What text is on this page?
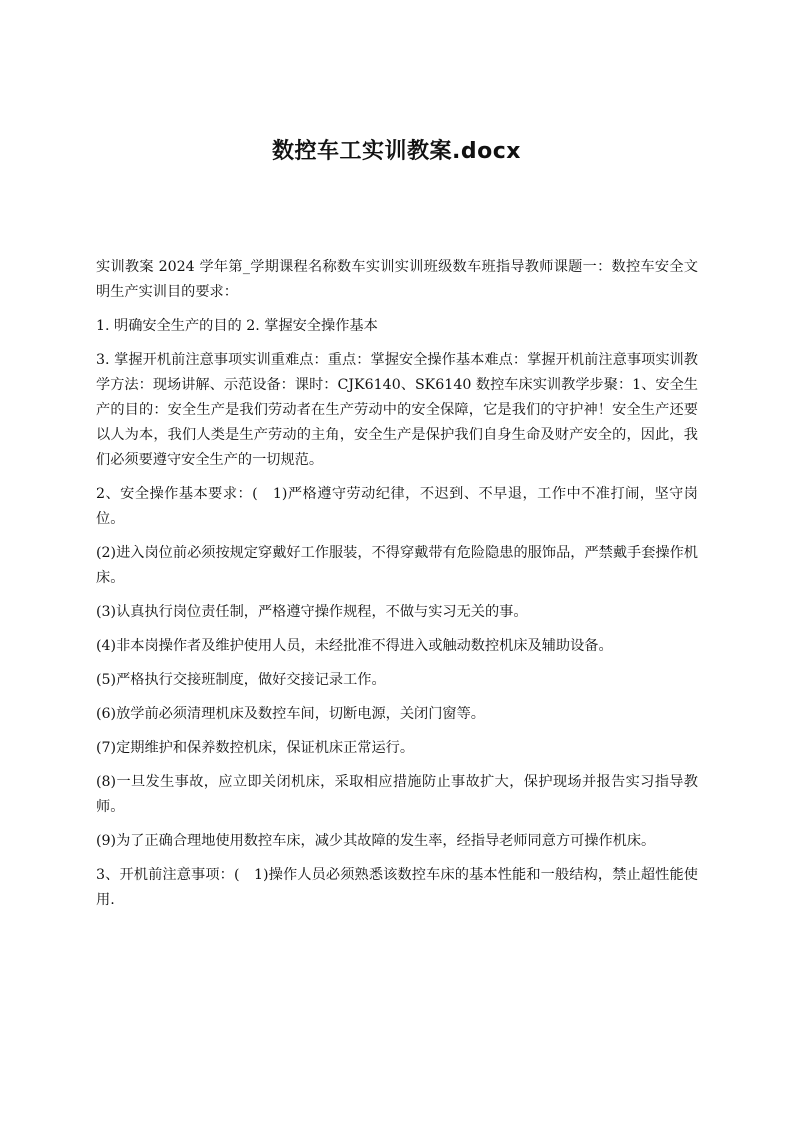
数控车工实训教案.docx

实训教案 2024 学年第_学期课程名称数车实训实训班级数车班指导教师课题一：数控车安全文明生产实训目的要求：

1. 明确安全生产的目的 2. 掌握安全操作基本

3. 掌握开机前注意事项实训重难点：重点：掌握安全操作基本难点：掌握开机前注意事项实训教学方法：现场讲解、示范设备：课时：CJK6140、SK6140 数控车床实训教学步聚：1、安全生产的目的：安全生产是我们劳动者在生产劳动中的安全保障，它是我们的守护神！安全生产还要以人为本，我们人类是生产劳动的主角，安全生产是保护我们自身生命及财产安全的，因此，我们必须要遵守安全生产的一切规范。

2、安全操作基本要求：(　1)严格遵守劳动纪律，不迟到、不早退，工作中不准打闹，坚守岗位。

(2)进入岗位前必须按规定穿戴好工作服装，不得穿戴带有危险隐患的服饰品，严禁戴手套操作机床。

(3)认真执行岗位责任制，严格遵守操作规程，不做与实习无关的事。

(4)非本岗操作者及维护使用人员，未经批准不得进入或触动数控机床及辅助设备。

(5)严格执行交接班制度，做好交接记录工作。

(6)放学前必须清理机床及数控车间，切断电源，关闭门窗等。

(7)定期维护和保养数控机床，保证机床正常运行。

(8)一旦发生事故，应立即关闭机床，采取相应措施防止事故扩大，保护现场并报告实习指导教师。

(9)为了正确合理地使用数控车床，减少其故障的发生率，经指导老师同意方可操作机床。

3、开机前注意事项：(　1)操作人员必须熟悉该数控车床的基本性能和一般结构，禁止超性能使用.
